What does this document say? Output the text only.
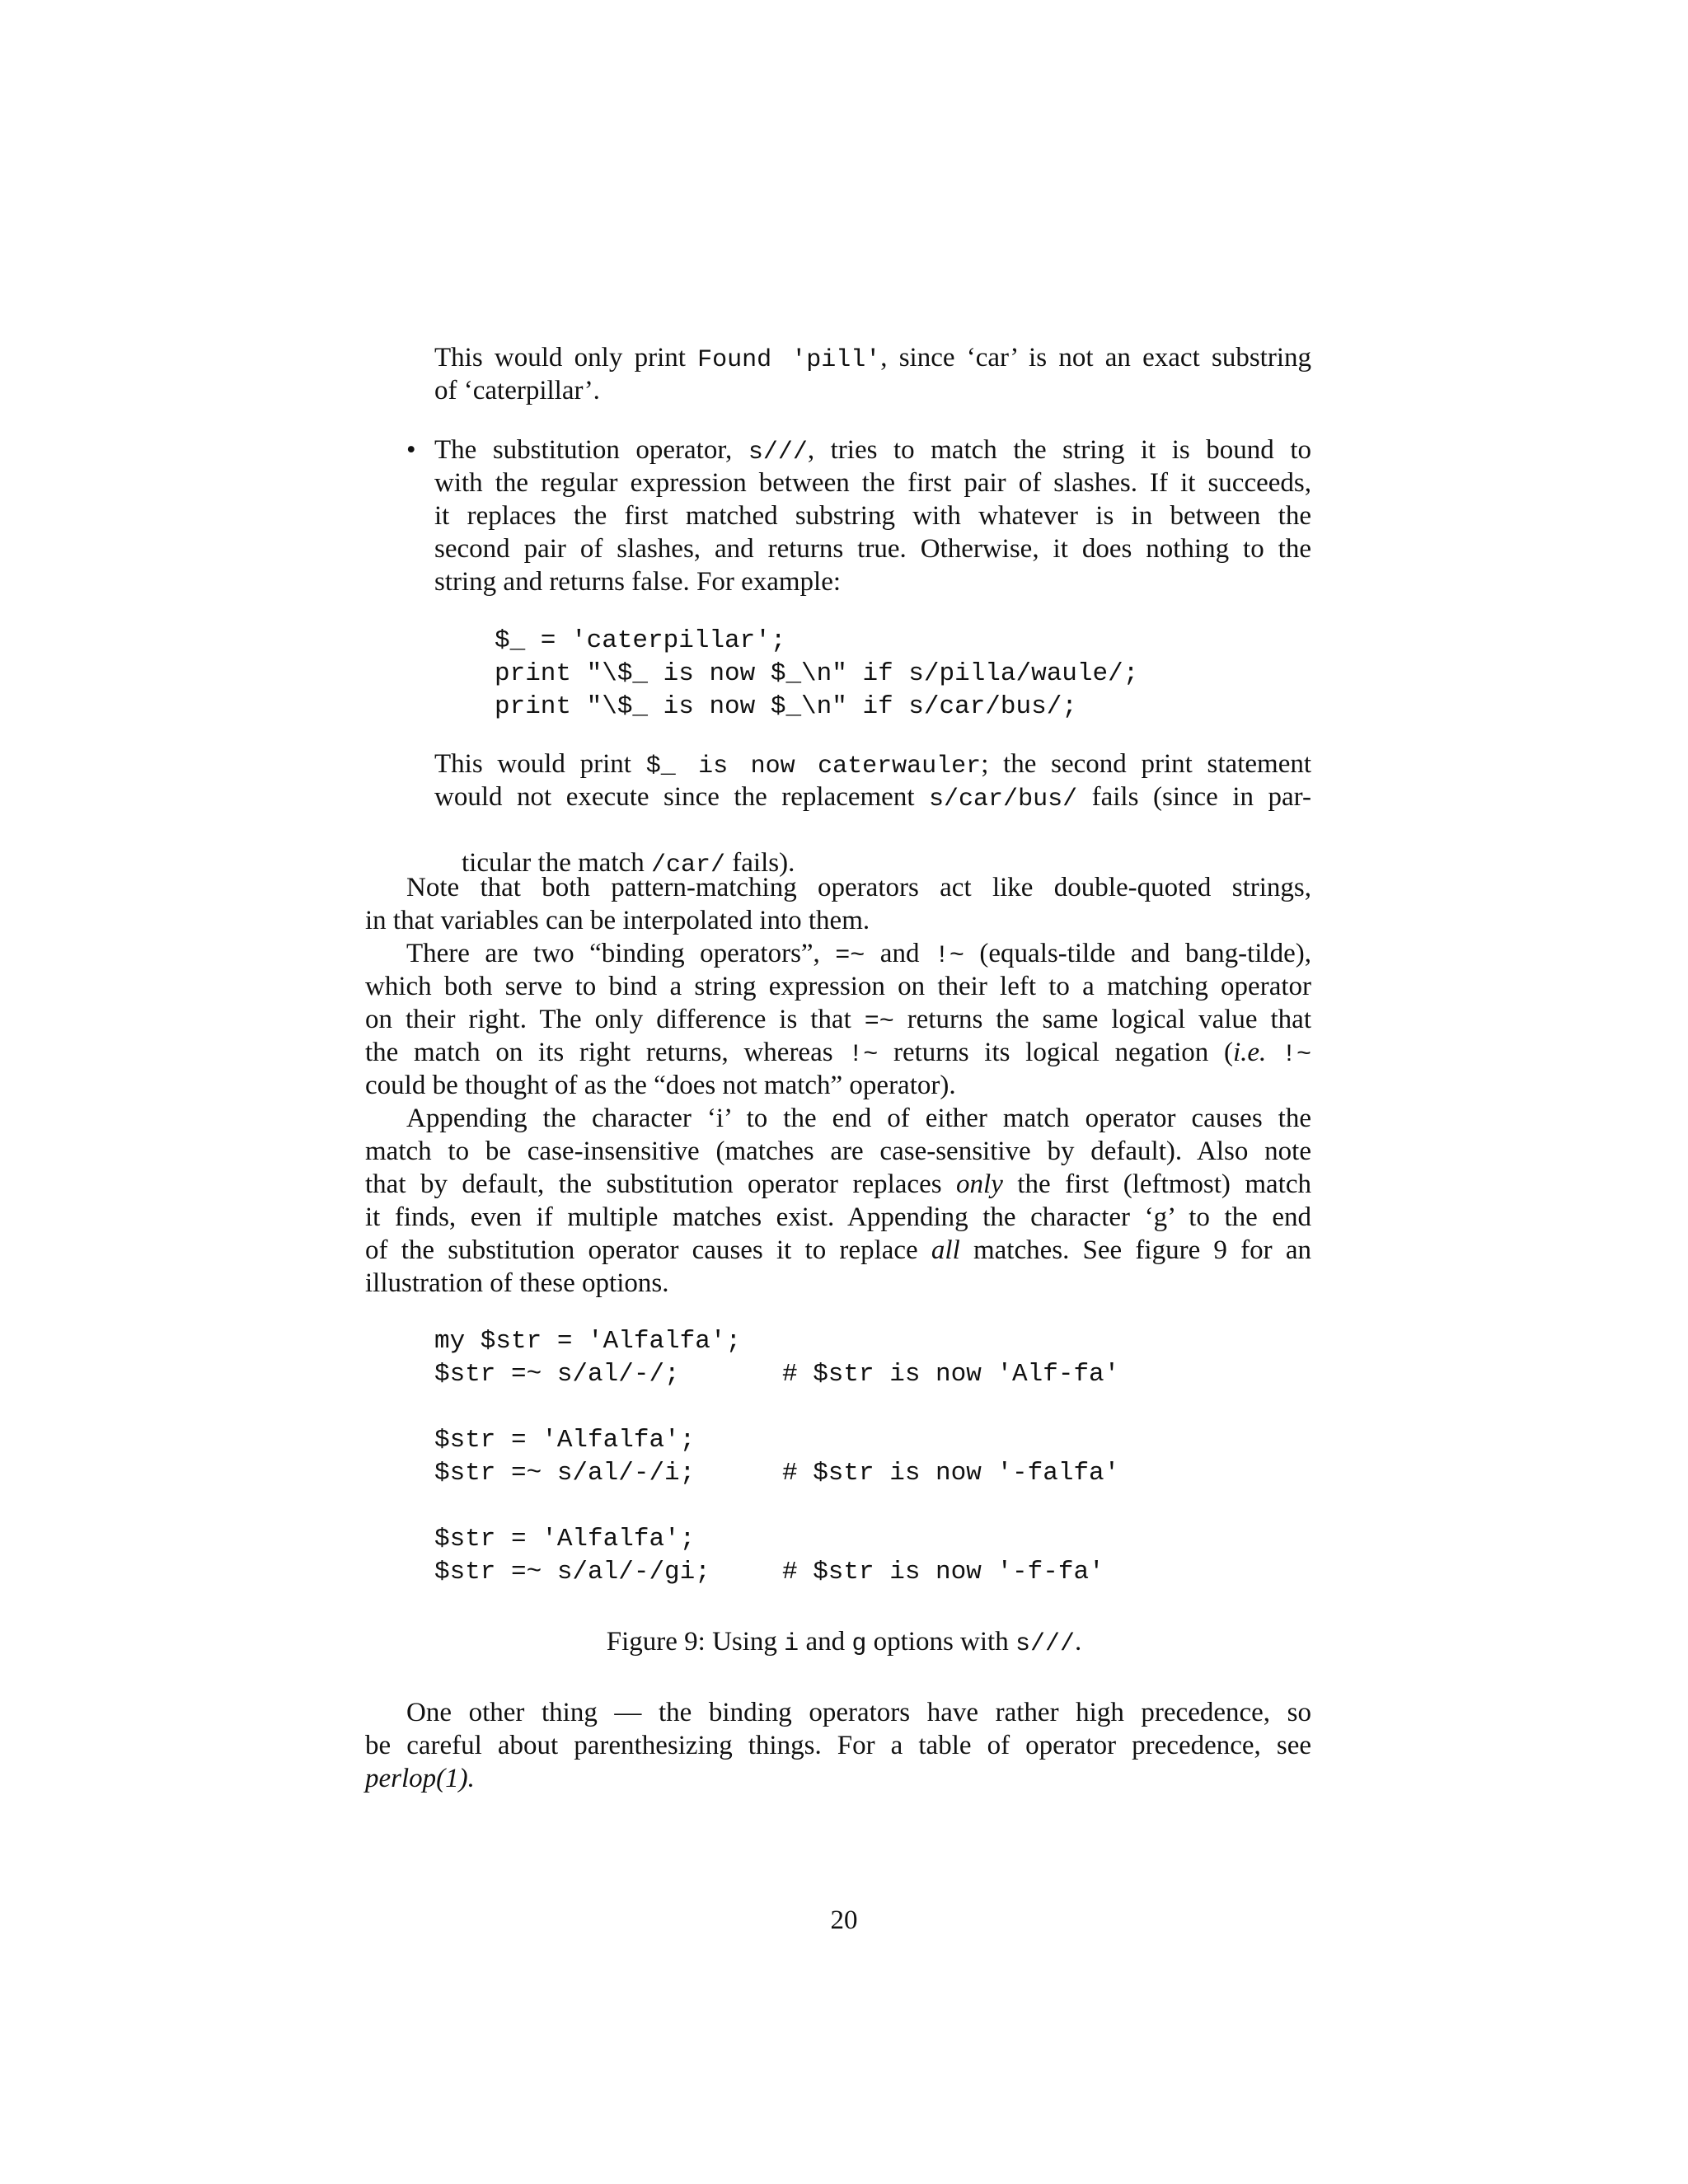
This would only print Found 'pill', since ‘car’ is not an exact substring
of ‘caterpillar’.
• The substitution operator, s///, tries to match the string it is bound to
with the regular expression between the first pair of slashes. If it succeeds,
it replaces the first matched substring with whatever is in between the
second pair of slashes, and returns true. Otherwise, it does nothing to the
string and returns false. For example:
$_ = 'caterpillar';
print "\$_ is now $_\n" if s/pilla/waule/;
print "\$_ is now $_\n" if s/car/bus/;
This would print $_ is now caterwauler; the second print statement
would not execute since the replacement s/car/bus/ fails (since in par-

ticular the match /car/ fails).

Note that both pattern-matching operators act like double-quoted strings,
in that variables can be interpolated into them.
There are two “binding operators”, =~ and !~ (equals-tilde and bang-tilde),
which both serve to bind a string expression on their left to a matching operator
on their right. The only difference is that =~ returns the same logical value that
the match on its right returns, whereas !~ returns its logical negation (i.e. !~
could be thought of as the “does not match” operator).
Appending the character ‘i’ to the end of either match operator causes the
match to be case-insensitive (matches are case-sensitive by default). Also note
that by default, the substitution operator replaces only the first (leftmost) match
it finds, even if multiple matches exist. Appending the character ‘g’ to the end
of the substitution operator causes it to replace all matches. See figure 9 for an
illustration of these options.
my $str = 'Alfalfa';
$str =~ s/al/-/;	# $str is now 'Alf-fa'
$str = 'Alfalfa';
$str =~ s/al/-/i;	# $str is now '-falfa'
$str = 'Alfalfa';
$str =~ s/al/-/gi;	# $str is now '-f-fa'
Figure 9: Using i and g options with s///.
One other thing — the binding operators have rather high precedence, so
be careful about parenthesizing things. For a table of operator precedence, see
perlop(1).
20
